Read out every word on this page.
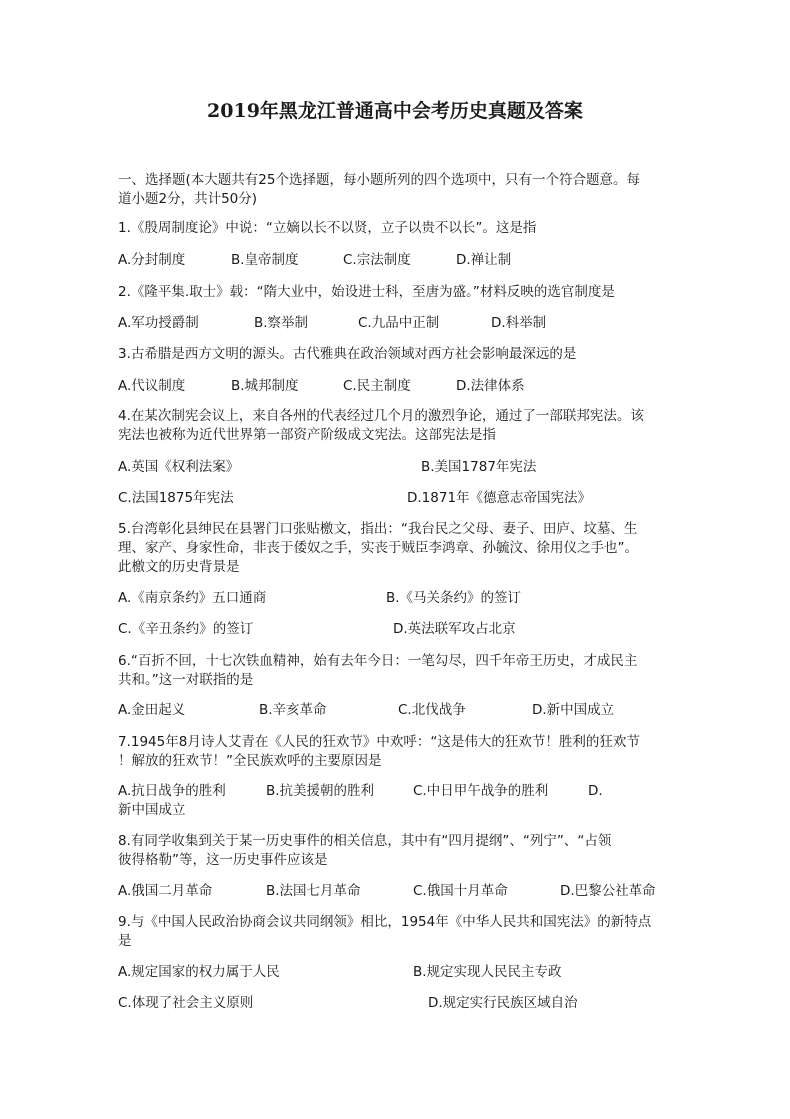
2019年黑龙江普通高中会考历史真题及答案
一、选择题(本大题共有25个选择题，每小题所列的四个选项中，只有一个符合题意。每
道小题2分，共计50分)
1.《殷周制度论》中说：“立嫡以长不以贤，立子以贵不以长”。这是指
A.分封制度	B.皇帝制度	C.宗法制度	D.禅让制
2.《隆平集.取士》载：“隋大业中，始设进士科，至唐为盛。”材料反映的选官制度是
A.军功授爵制	B.察举制	C.九品中正制	D.科举制
3.古希腊是西方文明的源头。古代雅典在政治领域对西方社会影响最深远的是
A.代议制度	B.城邦制度	C.民主制度	D.法律体系
4.在某次制宪会议上，来自各州的代表经过几个月的激烈争论，通过了一部联邦宪法。该
宪法也被称为近代世界第一部资产阶级成文宪法。这部宪法是指
A.英国《权利法案》	B.美国1787年宪法
C.法国1875年宪法	D.1871年《德意志帝国宪法》
5.台湾彰化县绅民在县署门口张贴檄文，指出：“我台民之父母、妻子、田庐、坟墓、生
理、家产、身家性命，非丧于倭奴之手，实丧于贼臣李鸿章、孙毓汶、徐用仪之手也”。
此檄文的历史背景是
A.《南京条约》五口通商	B.《马关条约》的签订
C.《辛丑条约》的签订	D.英法联军攻占北京
6.“百折不回，十七次铁血精神，始有去年今日：一笔勾尽，四千年帝王历史，才成民主
共和。”这一对联指的是
A.金田起义	B.辛亥革命	C.北伐战争	D.新中国成立
7.1945年8月诗人艾青在《人民的狂欢节》中欢呼：“这是伟大的狂欢节！胜利的狂欢节
！解放的狂欢节！”全民族欢呼的主要原因是
A.抗日战争的胜利	B.抗美援朝的胜利	C.中日甲午战争的胜利	D.
新中国成立
8.有同学收集到关于某一历史事件的相关信息，其中有“四月提纲”、“列宁”、“占领
彼得格勒”等，这一历史事件应该是
A.俄国二月革命	B.法国七月革命	C.俄国十月革命	D.巴黎公社革命
9.与《中国人民政治协商会议共同纲领》相比，1954年《中华人民共和国宪法》的新特点
是
A.规定国家的权力属于人民	B.规定实现人民民主专政
C.体现了社会主义原则	D.规定实行民族区域自治
